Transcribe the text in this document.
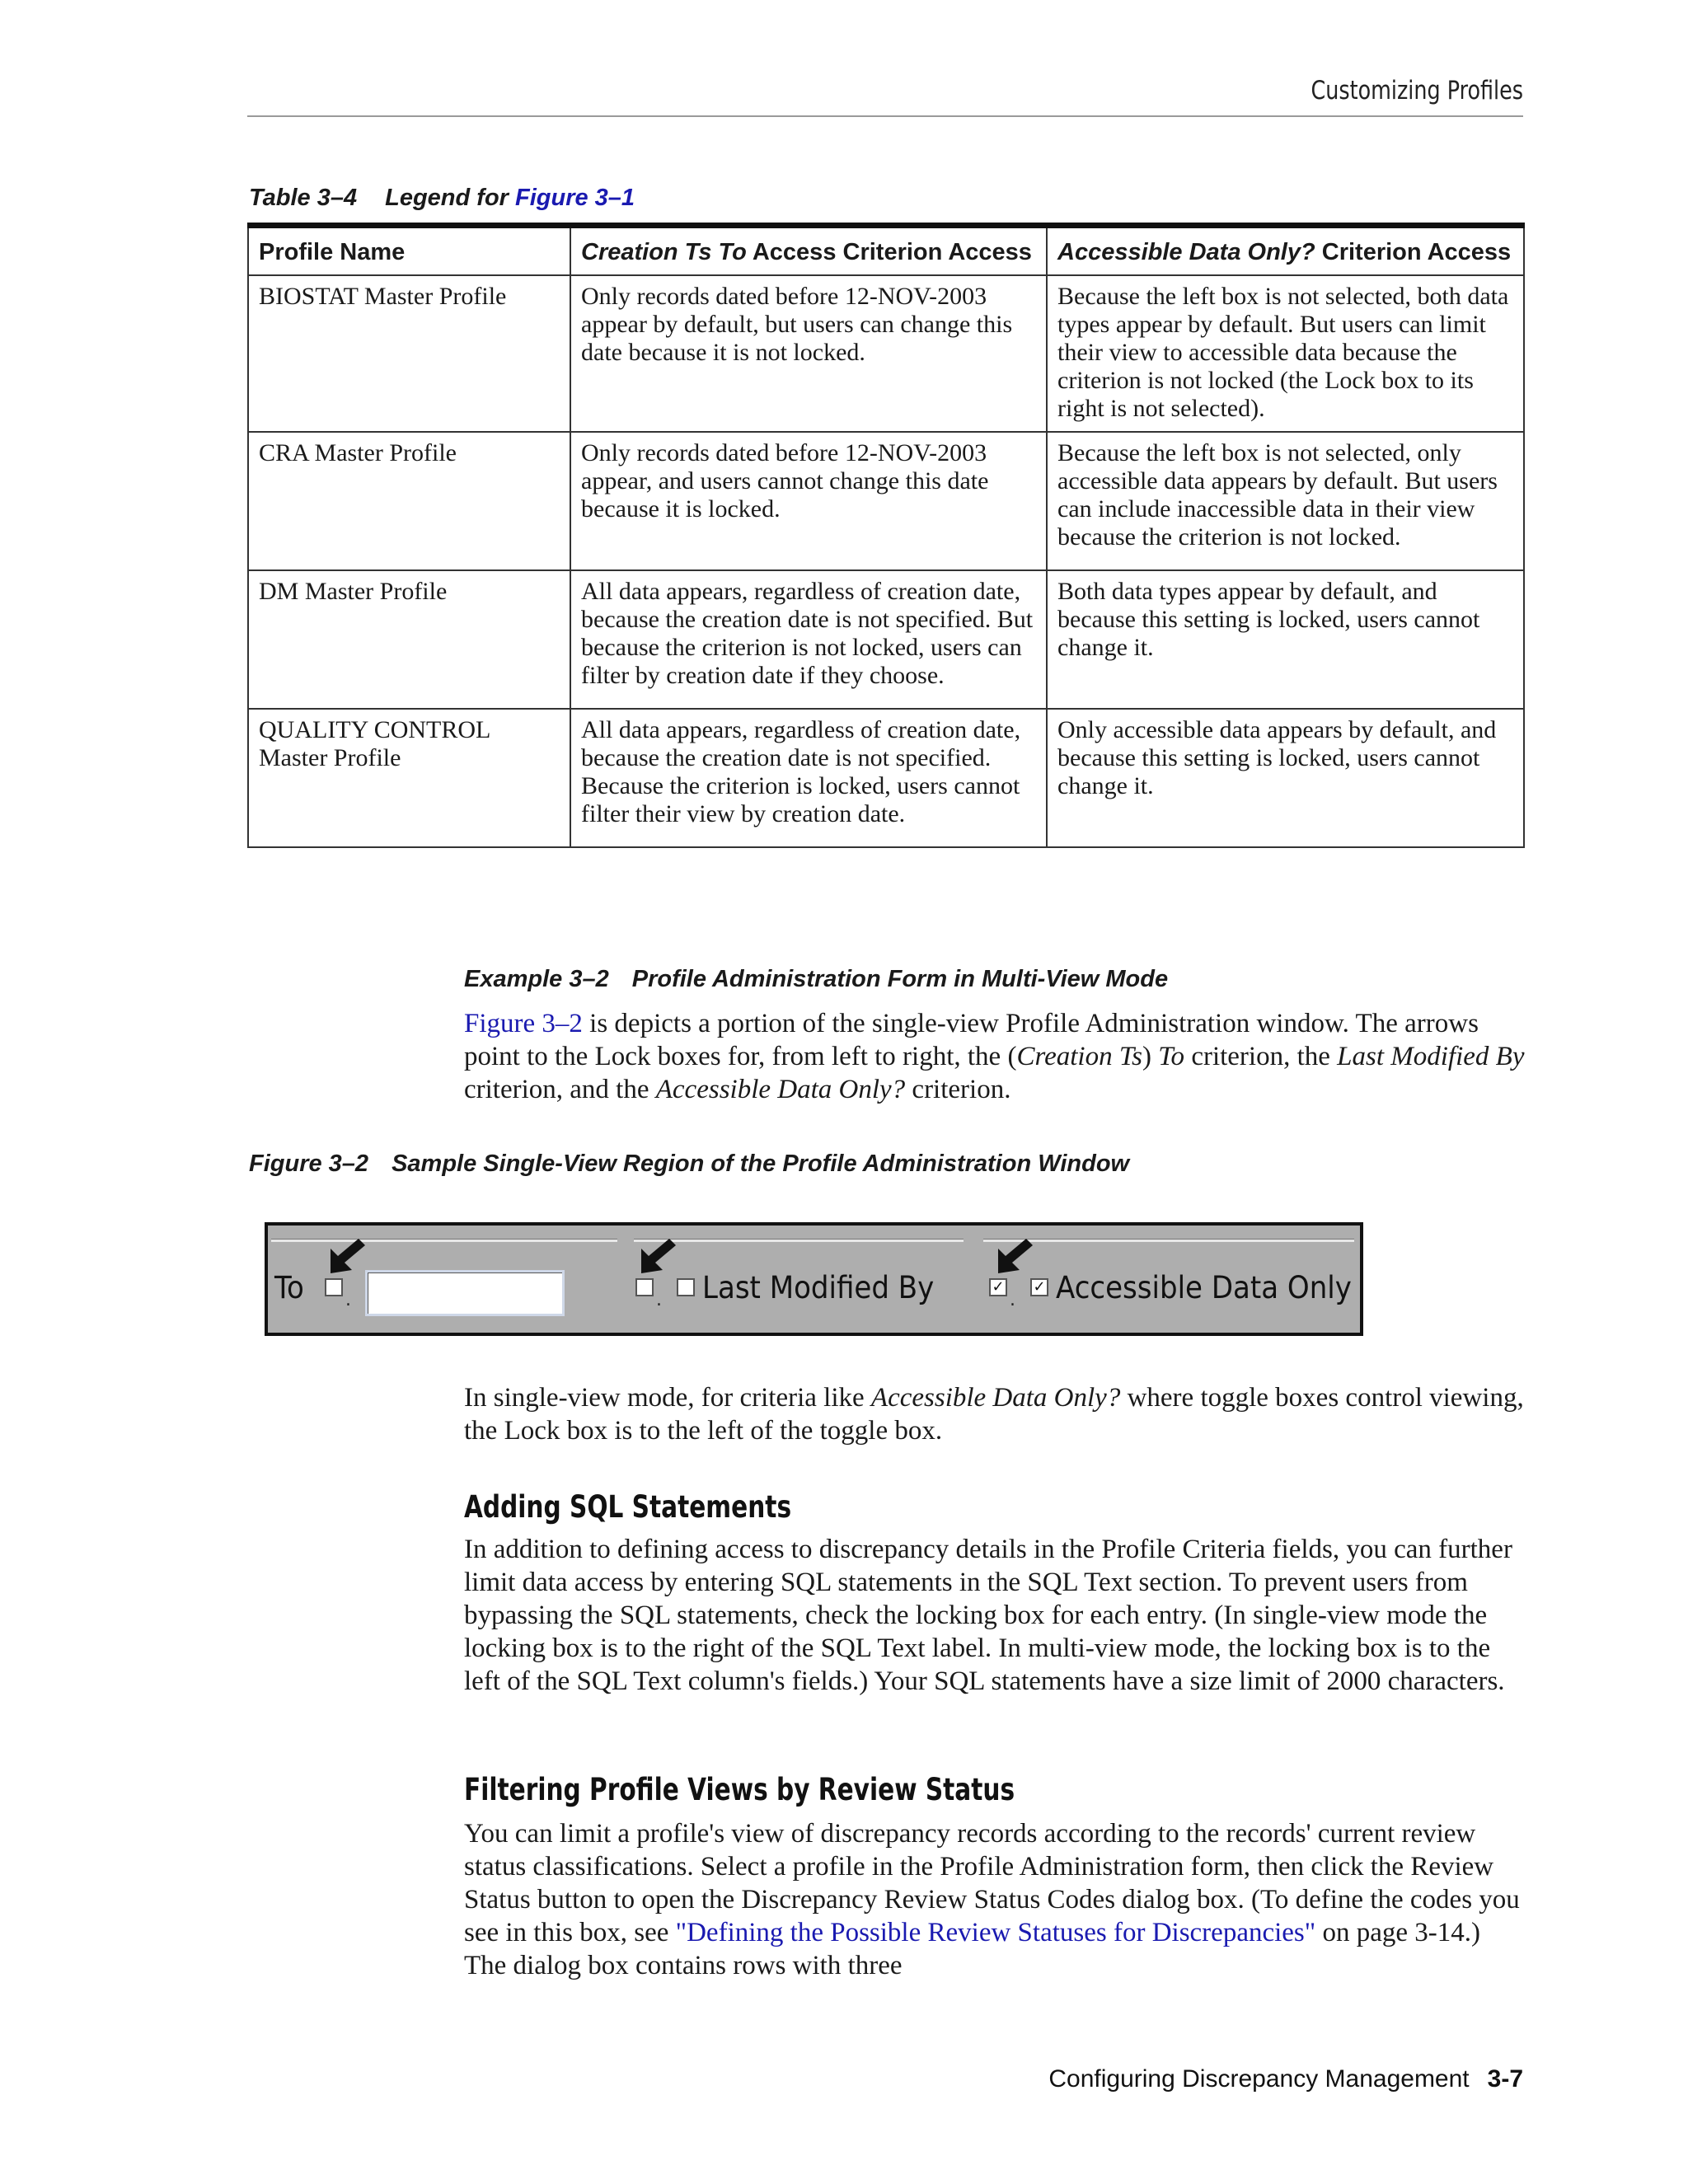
Customizing Profiles
Table 3–4 Legend for Figure 3–1
Profile Name	Creation Ts To Access Criterion Access	Accessible Data Only? Criterion Access
BIOSTAT Master Profile	Only records dated before 12-NOV-2003 appear by default, but users can change this date because it is not locked.	Because the left box is not selected, both data types appear by default. But users can limit their view to accessible data because the criterion is not locked (the Lock box to its right is not selected).
CRA Master Profile	Only records dated before 12-NOV-2003 appear, and users cannot change this date because it is locked.	Because the left box is not selected, only accessible data appears by default. But users can include inaccessible data in their view because the criterion is not locked.
DM Master Profile	All data appears, regardless of creation date, because the creation date is not specified. But because the criterion is not locked, users can filter by creation date if they choose.	Both data types appear by default, and because this setting is locked, users cannot change it.
QUALITY CONTROL Master Profile	All data appears, regardless of creation date, because the creation date is not specified. Because the criterion is locked, users cannot filter their view by creation date.	Only accessible data appears by default, and because this setting is locked, users cannot change it.
Example 3–2 Profile Administration Form in Multi-View Mode
Figure 3–2 is depicts a portion of the single-view Profile Administration window. The arrows point to the Lock boxes for, from left to right, the (Creation Ts) To criterion, the Last Modified By criterion, and the Accessible Data Only? criterion.
Figure 3–2 Sample Single-View Region of the Profile Administration Window
To .	. Last Modified By	✓
.
✓ Accessible Data Only
In single-view mode, for criteria like Accessible Data Only? where toggle boxes control viewing, the Lock box is to the left of the toggle box.
Adding SQL Statements
In addition to defining access to discrepancy details in the Profile Criteria fields, you can further limit data access by entering SQL statements in the SQL Text section. To prevent users from bypassing the SQL statements, check the locking box for each entry. (In single-view mode the locking box is to the right of the SQL Text label. In multi-view mode, the locking box is to the left of the SQL Text column's fields.) Your SQL statements have a size limit of 2000 characters.
Filtering Profile Views by Review Status
You can limit a profile's view of discrepancy records according to the records' current review status classifications. Select a profile in the Profile Administration form, then click the Review Status button to open the Discrepancy Review Status Codes dialog box. (To define the codes you see in this box, see "Defining the Possible Review Statuses for Discrepancies" on page 3-14.) The dialog box contains rows with three
Configuring Discrepancy Management 3-7
